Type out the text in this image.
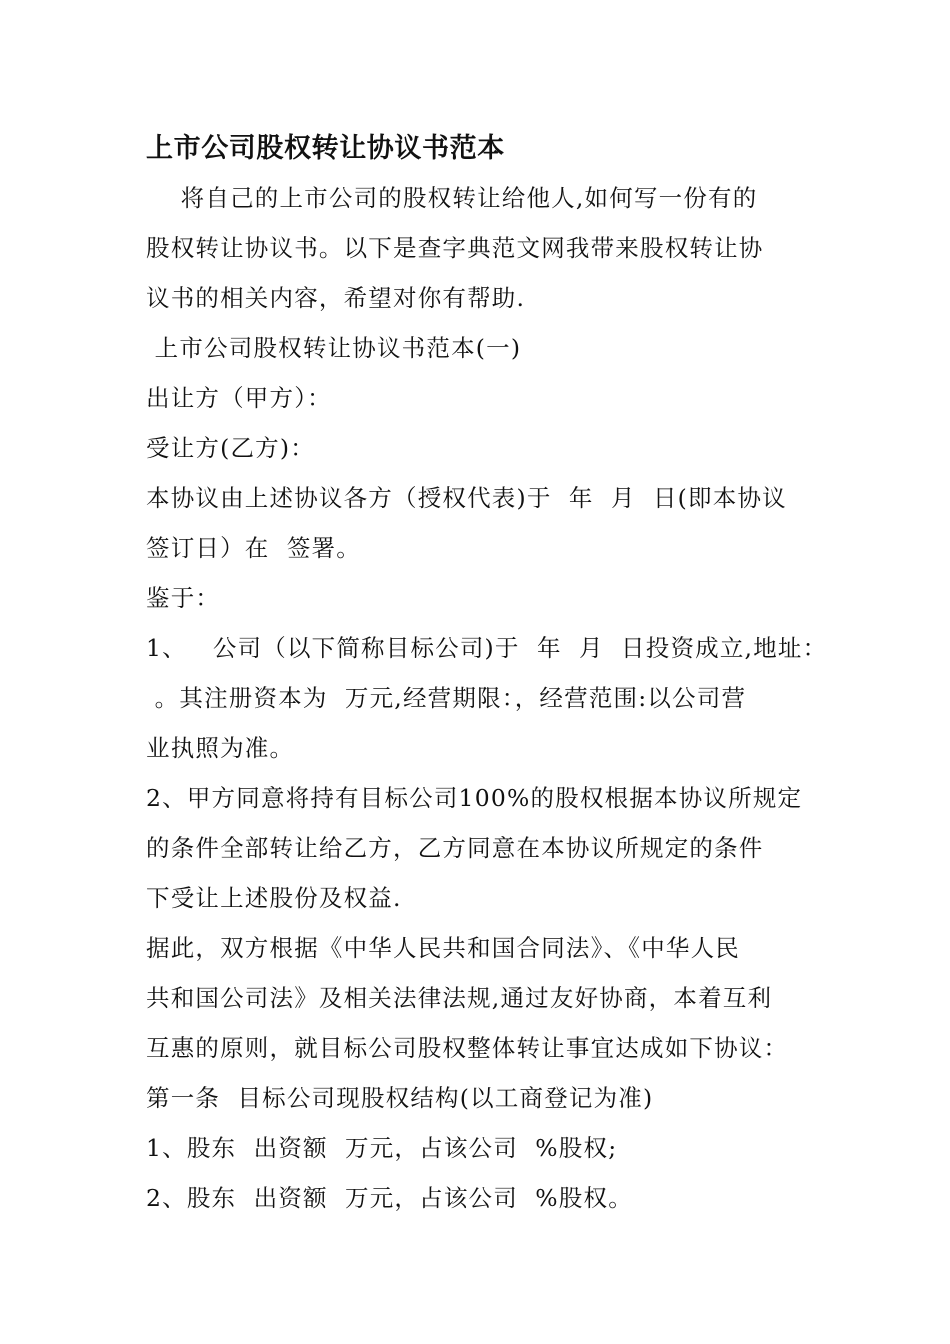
上市公司股权转让协议书范本
将自己的上市公司的股权转让给他人,如何写一份有的
股权转让协议书。以下是查字典范文网我带来股权转让协
议书的相关内容，希望对你有帮助.
上市公司股权转让协议书范本(一)
出让方（甲方）：
受让方(乙方)：
本协议由上述协议各方（授权代表)于  年  月  日(即本协议
签订日）在  签署。
鉴于：
1、   公司（以下简称目标公司)于  年  月  日投资成立,地址：
。其注册资本为  万元,经营期限：，经营范围:以公司营
业执照为准。
2、甲方同意将持有目标公司100%的股权根据本协议所规定
的条件全部转让给乙方，乙方同意在本协议所规定的条件
下受让上述股份及权益.
据此，双方根据《中华人民共和国合同法》、《中华人民
共和国公司法》及相关法律法规,通过友好协商，本着互利
互惠的原则，就目标公司股权整体转让事宜达成如下协议：
第一条  目标公司现股权结构(以工商登记为准)
1、股东  出资额  万元，占该公司  %股权;
2、股东  出资额  万元，占该公司  %股权。
